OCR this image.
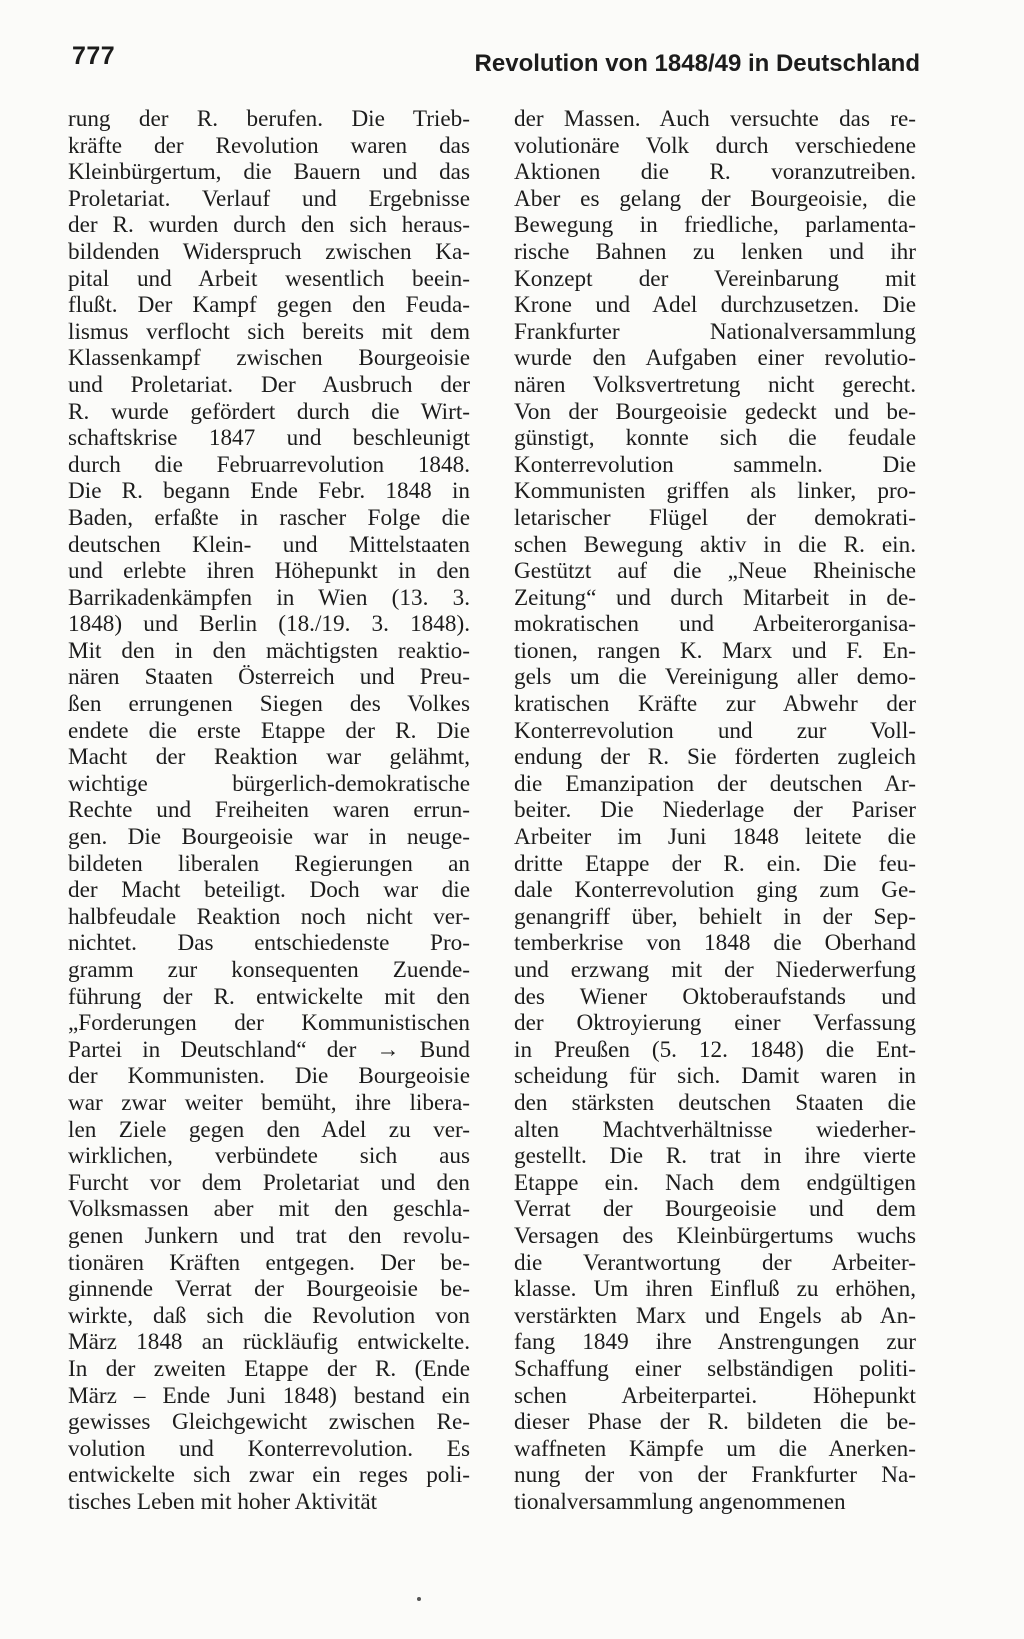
777	Revolution von 1848/49 in Deutschland
rung der R. berufen. Die Trieb-
kräfte der Revolution waren das
Kleinbürgertum, die Bauern und das
Proletariat. Verlauf und Ergebnisse
der R. wurden durch den sich heraus-
bildenden Widerspruch zwischen Ka-
pital und Arbeit wesentlich beein-
flußt. Der Kampf gegen den Feuda-
lismus verflocht sich bereits mit dem
Klassenkampf zwischen Bourgeoisie
und Proletariat. Der Ausbruch der
R. wurde gefördert durch die Wirt-
schaftskrise 1847 und beschleunigt
durch die Februarrevolution 1848.
Die R. begann Ende Febr. 1848 in
Baden, erfaßte in rascher Folge die
deutschen Klein- und Mittelstaaten
und erlebte ihren Höhepunkt in den
Barrikadenkämpfen in Wien (13. 3.
1848) und Berlin (18./19. 3. 1848).
Mit den in den mächtigsten reaktio-
nären Staaten Österreich und Preu-
ßen errungenen Siegen des Volkes
endete die erste Etappe der R. Die
Macht der Reaktion war gelähmt,
wichtige bürgerlich-demokratische
Rechte und Freiheiten waren errun-
gen. Die Bourgeoisie war in neuge-
bildeten liberalen Regierungen an
der Macht beteiligt. Doch war die
halbfeudale Reaktion noch nicht ver-
nichtet. Das entschiedenste Pro-
gramm zur konsequenten Zuende-
führung der R. entwickelte mit den
„Forderungen der Kommunistischen
Partei in Deutschland“ der → Bund
der Kommunisten. Die Bourgeoisie
war zwar weiter bemüht, ihre libera-
len Ziele gegen den Adel zu ver-
wirklichen, verbündete sich aus
Furcht vor dem Proletariat und den
Volksmassen aber mit den geschla-
genen Junkern und trat den revolu-
tionären Kräften entgegen. Der be-
ginnende Verrat der Bourgeoisie be-
wirkte, daß sich die Revolution von
März 1848 an rückläufig entwickelte.
In der zweiten Etappe der R. (Ende
März – Ende Juni 1848) bestand ein
gewisses Gleichgewicht zwischen Re-
volution und Konterrevolution. Es
entwickelte sich zwar ein reges poli-
tisches Leben mit hoher Aktivität
der Massen. Auch versuchte das re-
volutionäre Volk durch verschiedene
Aktionen die R. voranzutreiben.
Aber es gelang der Bourgeoisie, die
Bewegung in friedliche, parlamenta-
rische Bahnen zu lenken und ihr
Konzept der Vereinbarung mit
Krone und Adel durchzusetzen. Die
Frankfurter Nationalversammlung
wurde den Aufgaben einer revolutio-
nären Volksvertretung nicht gerecht.
Von der Bourgeoisie gedeckt und be-
günstigt, konnte sich die feudale
Konterrevolution sammeln. Die
Kommunisten griffen als linker, pro-
letarischer Flügel der demokrati-
schen Bewegung aktiv in die R. ein.
Gestützt auf die „Neue Rheinische
Zeitung“ und durch Mitarbeit in de-
mokratischen und Arbeiterorganisa-
tionen, rangen K. Marx und F. En-
gels um die Vereinigung aller demo-
kratischen Kräfte zur Abwehr der
Konterrevolution und zur Voll-
endung der R. Sie förderten zugleich
die Emanzipation der deutschen Ar-
beiter. Die Niederlage der Pariser
Arbeiter im Juni 1848 leitete die
dritte Etappe der R. ein. Die feu-
dale Konterrevolution ging zum Ge-
genangriff über, behielt in der Sep-
temberkrise von 1848 die Oberhand
und erzwang mit der Niederwerfung
des Wiener Oktoberaufstands und
der Oktroyierung einer Verfassung
in Preußen (5. 12. 1848) die Ent-
scheidung für sich. Damit waren in
den stärksten deutschen Staaten die
alten Machtverhältnisse wiederher-
gestellt. Die R. trat in ihre vierte
Etappe ein. Nach dem endgültigen
Verrat der Bourgeoisie und dem
Versagen des Kleinbürgertums wuchs
die Verantwortung der Arbeiter-
klasse. Um ihren Einfluß zu erhöhen,
verstärkten Marx und Engels ab An-
fang 1849 ihre Anstrengungen zur
Schaffung einer selbständigen politi-
schen Arbeiterpartei. Höhepunkt
dieser Phase der R. bildeten die be-
waffneten Kämpfe um die Anerken-
nung der von der Frankfurter Na-
tionalversammlung angenommenen
